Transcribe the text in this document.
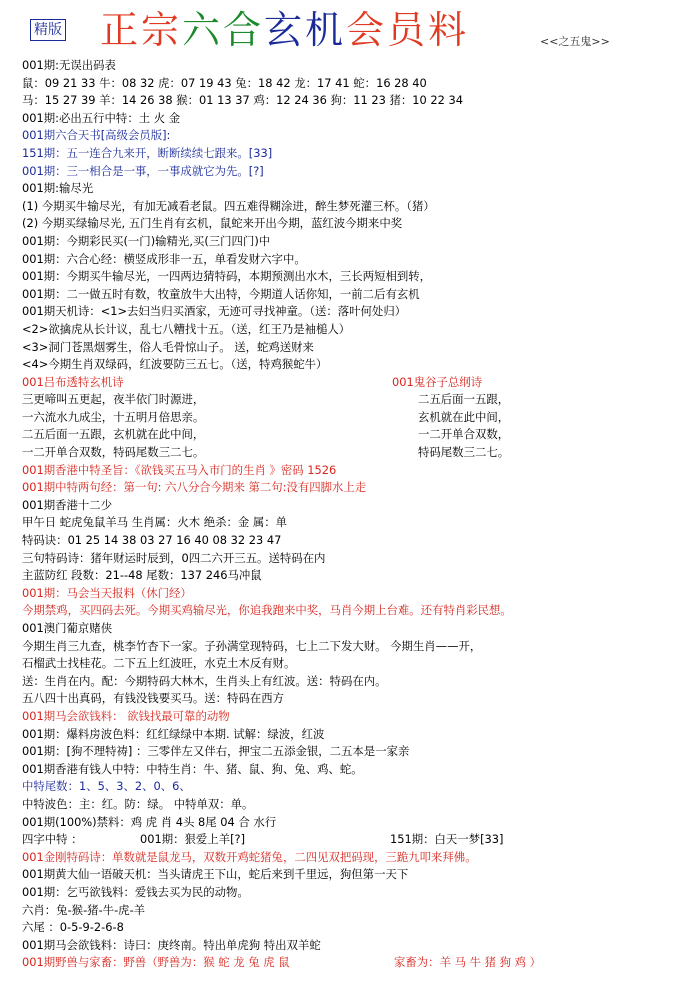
精版 正宗六合玄机会员料	<<之五鬼>>
001期:无误出码表
鼠：09 21 33 牛：08 32 虎：07 19 43 兔：18 42 龙：17 41 蛇：16 28 40
马：15 27 39 羊：14 26 38 猴：01 13 37 鸡：12 24 36 狗：11 23 猪：10 22 34
001期:必出五行中特：土 火 金
001期六合天书[高级会员版]:
151期：五一连合九来开，断断续续七跟来。[33]
001期：三一相合是一事，一事成就它为先。[?]
001期:输尽光
(1) 今期买牛输尽光，有加无减看老鼠。四五难得糊涂进，醉生梦死灌三杯。（猪）
(2) 今期买绿输尽光, 五门生肖有玄机，鼠蛇来开出今期，蓝红波今期来中奖
001期：今期彩民买(一门)输精光,买(三门四门)中
001期：六合心经：横竖成形非一五，单看发财六字中。
001期：今期买牛输尽光，一四两边猜特码，本期预测出水木，三长两短相到转，
001期：二一做五时有数，牧童放牛大出特，今期道人话你知，一前二后有玄机
001期天机诗：<1>去妇当归买酒家，无迹可寻找神童。（送：落叶何处归）
<2>欲擒虎从长计议，乱七八糟找十五。（送，红王乃是袖槌人）
<3>洞门苍黑烟雾生，俗人毛骨惊山子。 送，蛇鸡送财来
<4>今期生肖双绿码，红波要防三五七。（送，特鸡猴蛇牛）
001吕布透特玄机诗	001鬼谷子总纲诗
三更啼叫五更起，夜半依门时源进，	二五后面一五跟，
一六流水九成尘，十五明月倍思亲。	玄机就在此中间，
二五后面一五跟，玄机就在此中间，	一二开单合双数，
一二开单合双数，特码尾数三二七。	特码尾数三二七。
001期香港中特圣旨：《欲钱买五马入市门的生肖 》密码 1526
001期中特两句经：第一句: 六八分合今期来 第二句:没有四脚水上走
001期香港十二少
甲午日 蛇虎兔鼠羊马 生肖属：火木 绝杀：金 属：单
特码诀：01 25 14 38 03 27 16 40 08 32 23 47
三句特码诗：猪年财运时辰到，0四二六开三五。送特码在内
主蓝防红 段数：21--48 尾数：137 246马冲鼠
001期：马会当天报料（休门经）
今期禁鸡，买四码去死。今期买鸡输尽光，你追我跑来中奖，马肖今期上台难。还有特肖彩民想。
001澳门葡京赌侠
今期生肖三九查，桃李竹杏下一家。子孙满堂现特码，七上二下发大财。 今期生肖——开，
石榴武士找桂花。二下五上红波旺，水克土木反有财。
送：生肖在内。配：今期特码大林木，生肖头上有红波。送：特码在内。
五八四十出真码，有钱没钱要买马。送：特码在西方
001期马会欲钱料： 欲钱找最可靠的动物
001期：爆料房波色料：红红绿绿中本期. 试解：绿波，红波
001期：[狗不理特祷] ：三零伴左又伴右，押宝二五添金银，二五本是一家亲
001期香港有钱人中特：中特生肖：牛、猪、鼠、狗、兔、鸡、蛇。
中特尾数：1、5、3、2、0、6、
中特波色：主：红。防：绿。 中特单双：单。
001期(100%)禁料：鸡 虎 肖 4头 8尾 04 合 水行
四字中特 ：	001期：狠爱上羊[?]	151期：白天一梦[33]
001金刚特码诗：单数就是鼠龙马，双数开鸡蛇猪兔，二四见双把码现，三跪九叩来拜佛。
001期黄大仙一语破天机：当头请虎王下山，蛇后来到千里远，狗但第一天下
001期：乞丐欲钱料：爱钱去买为民的动物。
六肖：兔-猴-猪-牛-虎-羊
六尾 ：0-5-9-2-6-8
001期马会欲钱料：诗曰：庚终南。特出单虎狗 特出双羊蛇
001期野兽与家畜：野兽（野兽为：猴 蛇 龙 兔 虎 鼠	家畜为：羊 马 牛 猪 狗 鸡 ）
